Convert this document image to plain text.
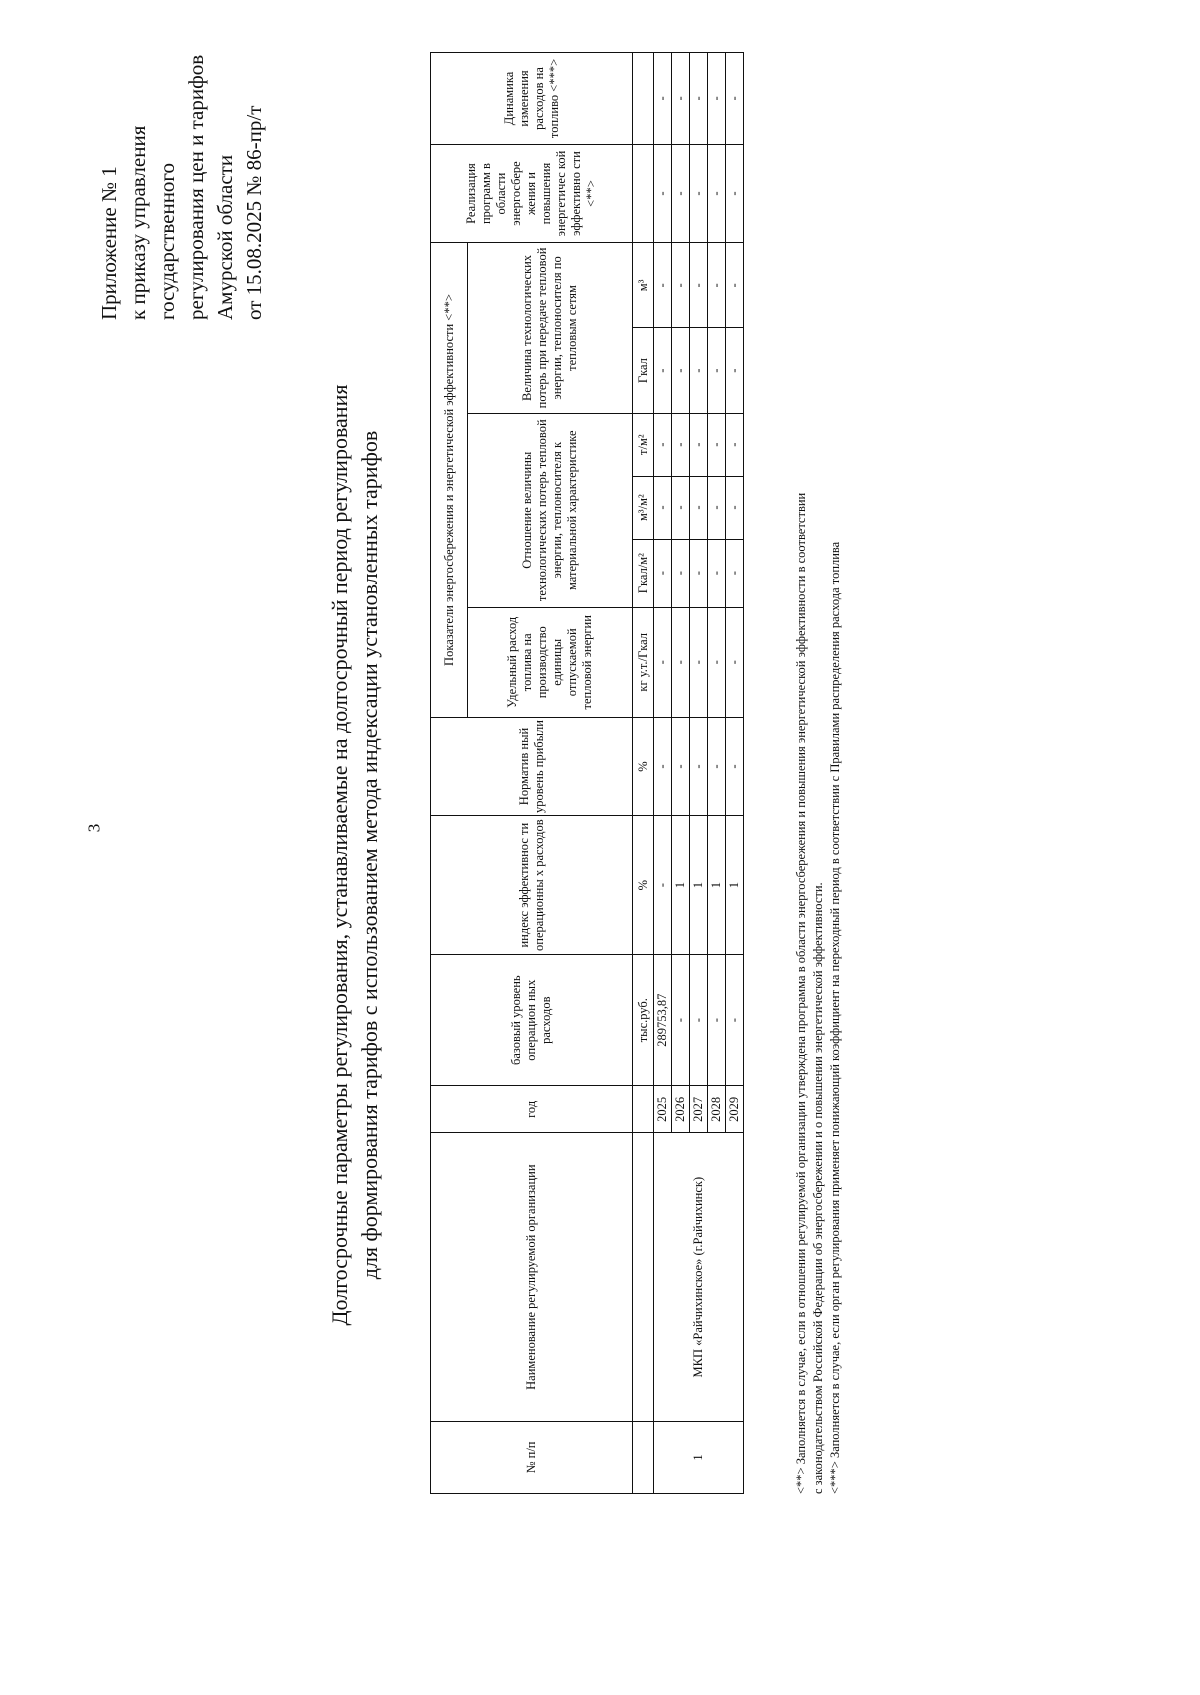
3
Приложение № 1 к приказу управления государственного регулирования цен и тарифов Амурской области от 15.08.2025 № 86-пр/т
Долгосрочные параметры регулирования, устанавливаемые на долгосрочный период регулирования для формирования тарифов с использованием метода индексации установленных тарифов
№ п/п	Наименование регулируемой организации	год	базовый уровень операцион ных расходов	индекс эффективнос ти операционны х расходов	Норматив ный уровень прибыли	Показатели энергосбережения и энергетической эффективности <**>						Реализация программ в области энергосбере жения и повышения энергетичес кой эффективно сти <**>	Динамика изменения расходов на топливо <***>
						Удельный расход топлива на производство единицы отпускаемой тепловой энергии	Отношение величины технологических потерь тепловой энергии, теплоносителя к материальной характеристике			Величина технологических потерь при передаче тепловой энергии, теплоносителя по тепловым сетям			
			тыс.руб.	%	%	кг у.т./Гкал	Гкал/м²	м³/м²	т/м²	Гкал	м³		
1	МКП «Райчихинское» (г.Райчихинск)	2025	289753,87	-	-	-	-	-	-	-	-	-	-
		2026	-	1	-	-	-	-	-	-	-	-	-
		2027	-	1	-	-	-	-	-	-	-	-	-
		2028	-	1	-	-	-	-	-	-	-	-	-
		2029	-	1	-	-	-	-	-	-	-	-	-
<**> Заполняется в случае, если в отношении регулируемой организации утверждена программа в области энергосбережения и повышения энергетической эффективности в соответствии с законодательством Российской Федерации об энергосбережении и о повышении энергетической эффективности. <***> Заполняется в случае, если орган регулирования применяет понижающий коэффициент на переходный период в соответствии с Правилами распределения расхода топлива
